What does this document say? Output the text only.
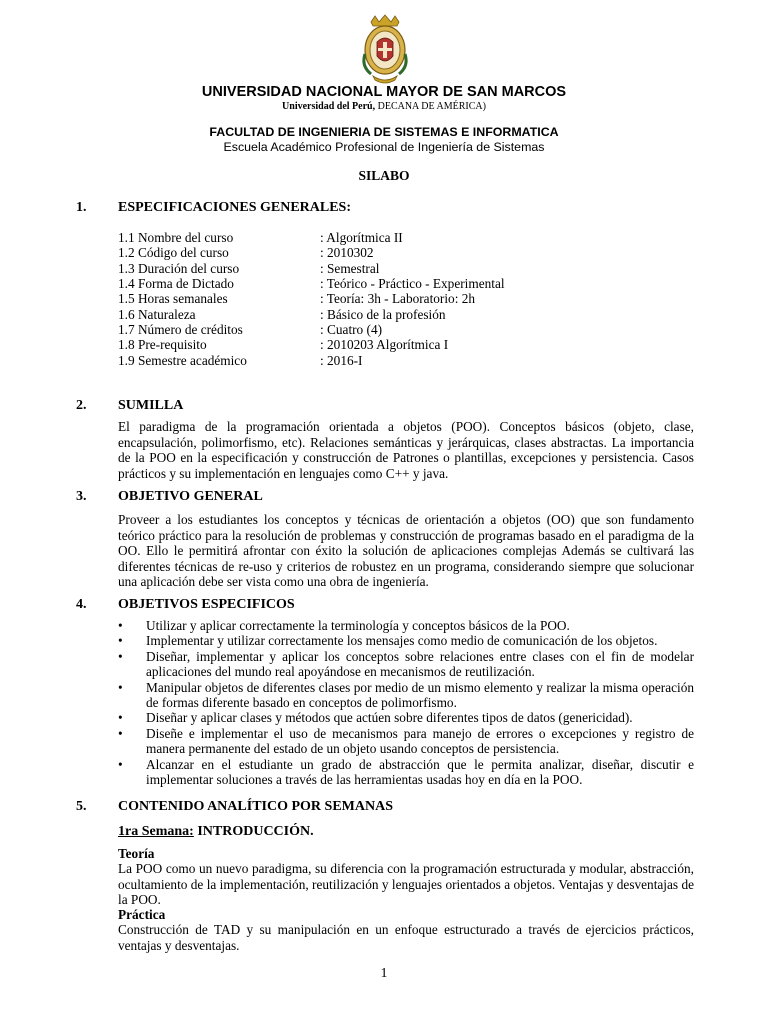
UNIVERSIDAD NACIONAL MAYOR DE SAN MARCOS
Universidad del Perú, DECANA DE AMÉRICA)
FACULTAD DE INGENIERIA DE SISTEMAS E INFORMATICA
Escuela Académico Profesional de Ingeniería de Sistemas
SILABO
1. ESPECIFICACIONES GENERALES:
1.1 Nombre del curso	: Algorítmica II
1.2 Código del curso	: 2010302
1.3 Duración del curso	: Semestral
1.4 Forma de Dictado	: Teórico - Práctico - Experimental
1.5 Horas semanales	: Teoría: 3h - Laboratorio: 2h
1.6 Naturaleza	: Básico de la profesión
1.7 Número de créditos	: Cuatro (4)
1.8 Pre-requisito	: 2010203 Algorítmica I
1.9 Semestre académico	: 2016-I
2. SUMILLA
El paradigma de la programación orientada a objetos (POO). Conceptos básicos (objeto, clase, encapsulación, polimorfismo, etc). Relaciones semánticas y jerárquicas, clases abstractas. La importancia de la POO en la especificación y construcción de Patrones o plantillas, excepciones y persistencia. Casos prácticos y su implementación en lenguajes como C++ y java.
3. OBJETIVO GENERAL
Proveer a los estudiantes los conceptos y técnicas de orientación a objetos (OO) que son fundamento teórico práctico para la resolución de problemas y construcción de programas basado en el paradigma de la OO. Ello le permitirá afrontar con éxito la solución de aplicaciones complejas Además se cultivará las diferentes técnicas de re-uso y criterios de robustez en un programa, considerando siempre que solucionar una aplicación debe ser vista como una obra de ingeniería.
4. OBJETIVOS ESPECIFICOS
• Utilizar y aplicar correctamente la terminología y conceptos básicos de la POO.
• Implementar y utilizar correctamente los mensajes como medio de comunicación de los objetos.
• Diseñar, implementar y aplicar los conceptos sobre relaciones entre clases con el fin de modelar aplicaciones del mundo real apoyándose en mecanismos de reutilización.
• Manipular objetos de diferentes clases por medio de un mismo elemento y realizar la misma operación de formas diferente basado en conceptos de polimorfismo.
• Diseñar y aplicar clases y métodos que actúen sobre diferentes tipos de datos (genericidad).
• Diseñe e implementar el uso de mecanismos para manejo de errores o excepciones y registro de manera permanente del estado de un objeto usando conceptos de persistencia.
• Alcanzar en el estudiante un grado de abstracción que le permita analizar, diseñar, discutir e implementar soluciones a través de las herramientas usadas hoy en día en la POO.
5. CONTENIDO ANALÍTICO POR SEMANAS
1ra Semana: INTRODUCCIÓN.
Teoría
La POO como un nuevo paradigma, su diferencia con la programación estructurada y modular, abstracción, ocultamiento de la implementación, reutilización y lenguajes orientados a objetos. Ventajas y desventajas de la POO.
Práctica
Construcción de TAD y su manipulación en un enfoque estructurado a través de ejercicios prácticos, ventajas y desventajas.
1
